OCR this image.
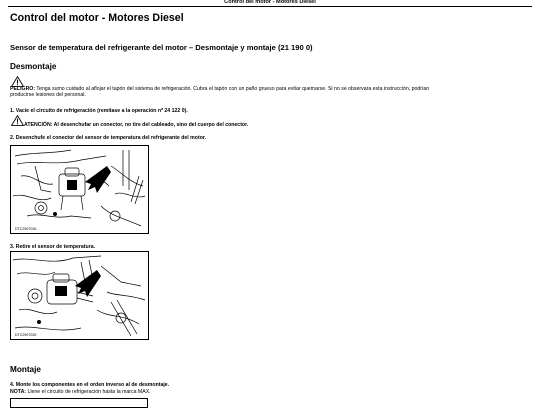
Control del motor - Motores Diesel
Control del motor - Motores Diesel
Sensor de temperatura del refrigerante del motor – Desmontaje y montaje (21 190 0)
Desmontaje
PELIGRO: Tenga sumo cuidado al aflojar el tapón del sistema de refrigeración. Cubra el tapón con un paño grueso para evitar quemarse. Si no se observara esta instrucción, podrían
producirse lesiones del personal.
1. Vacíe el circuito de refrigeración (remítase a la operación nº 24 122 0).
ATENCIÓN: Al desenchufar un conector, no tire del cableado, sino del cuerpo del conector.
2. Desenchufe el conector del sensor de temperatura del refrigerante del motor.
DTC2907026
3. Retire el sensor de temperatura.
DTC2907026
Montaje
4. Monte los componentes en el orden inverso al de desmontaje.
NOTA: Llene el circuito de refrigeración hasta la marca MAX.
